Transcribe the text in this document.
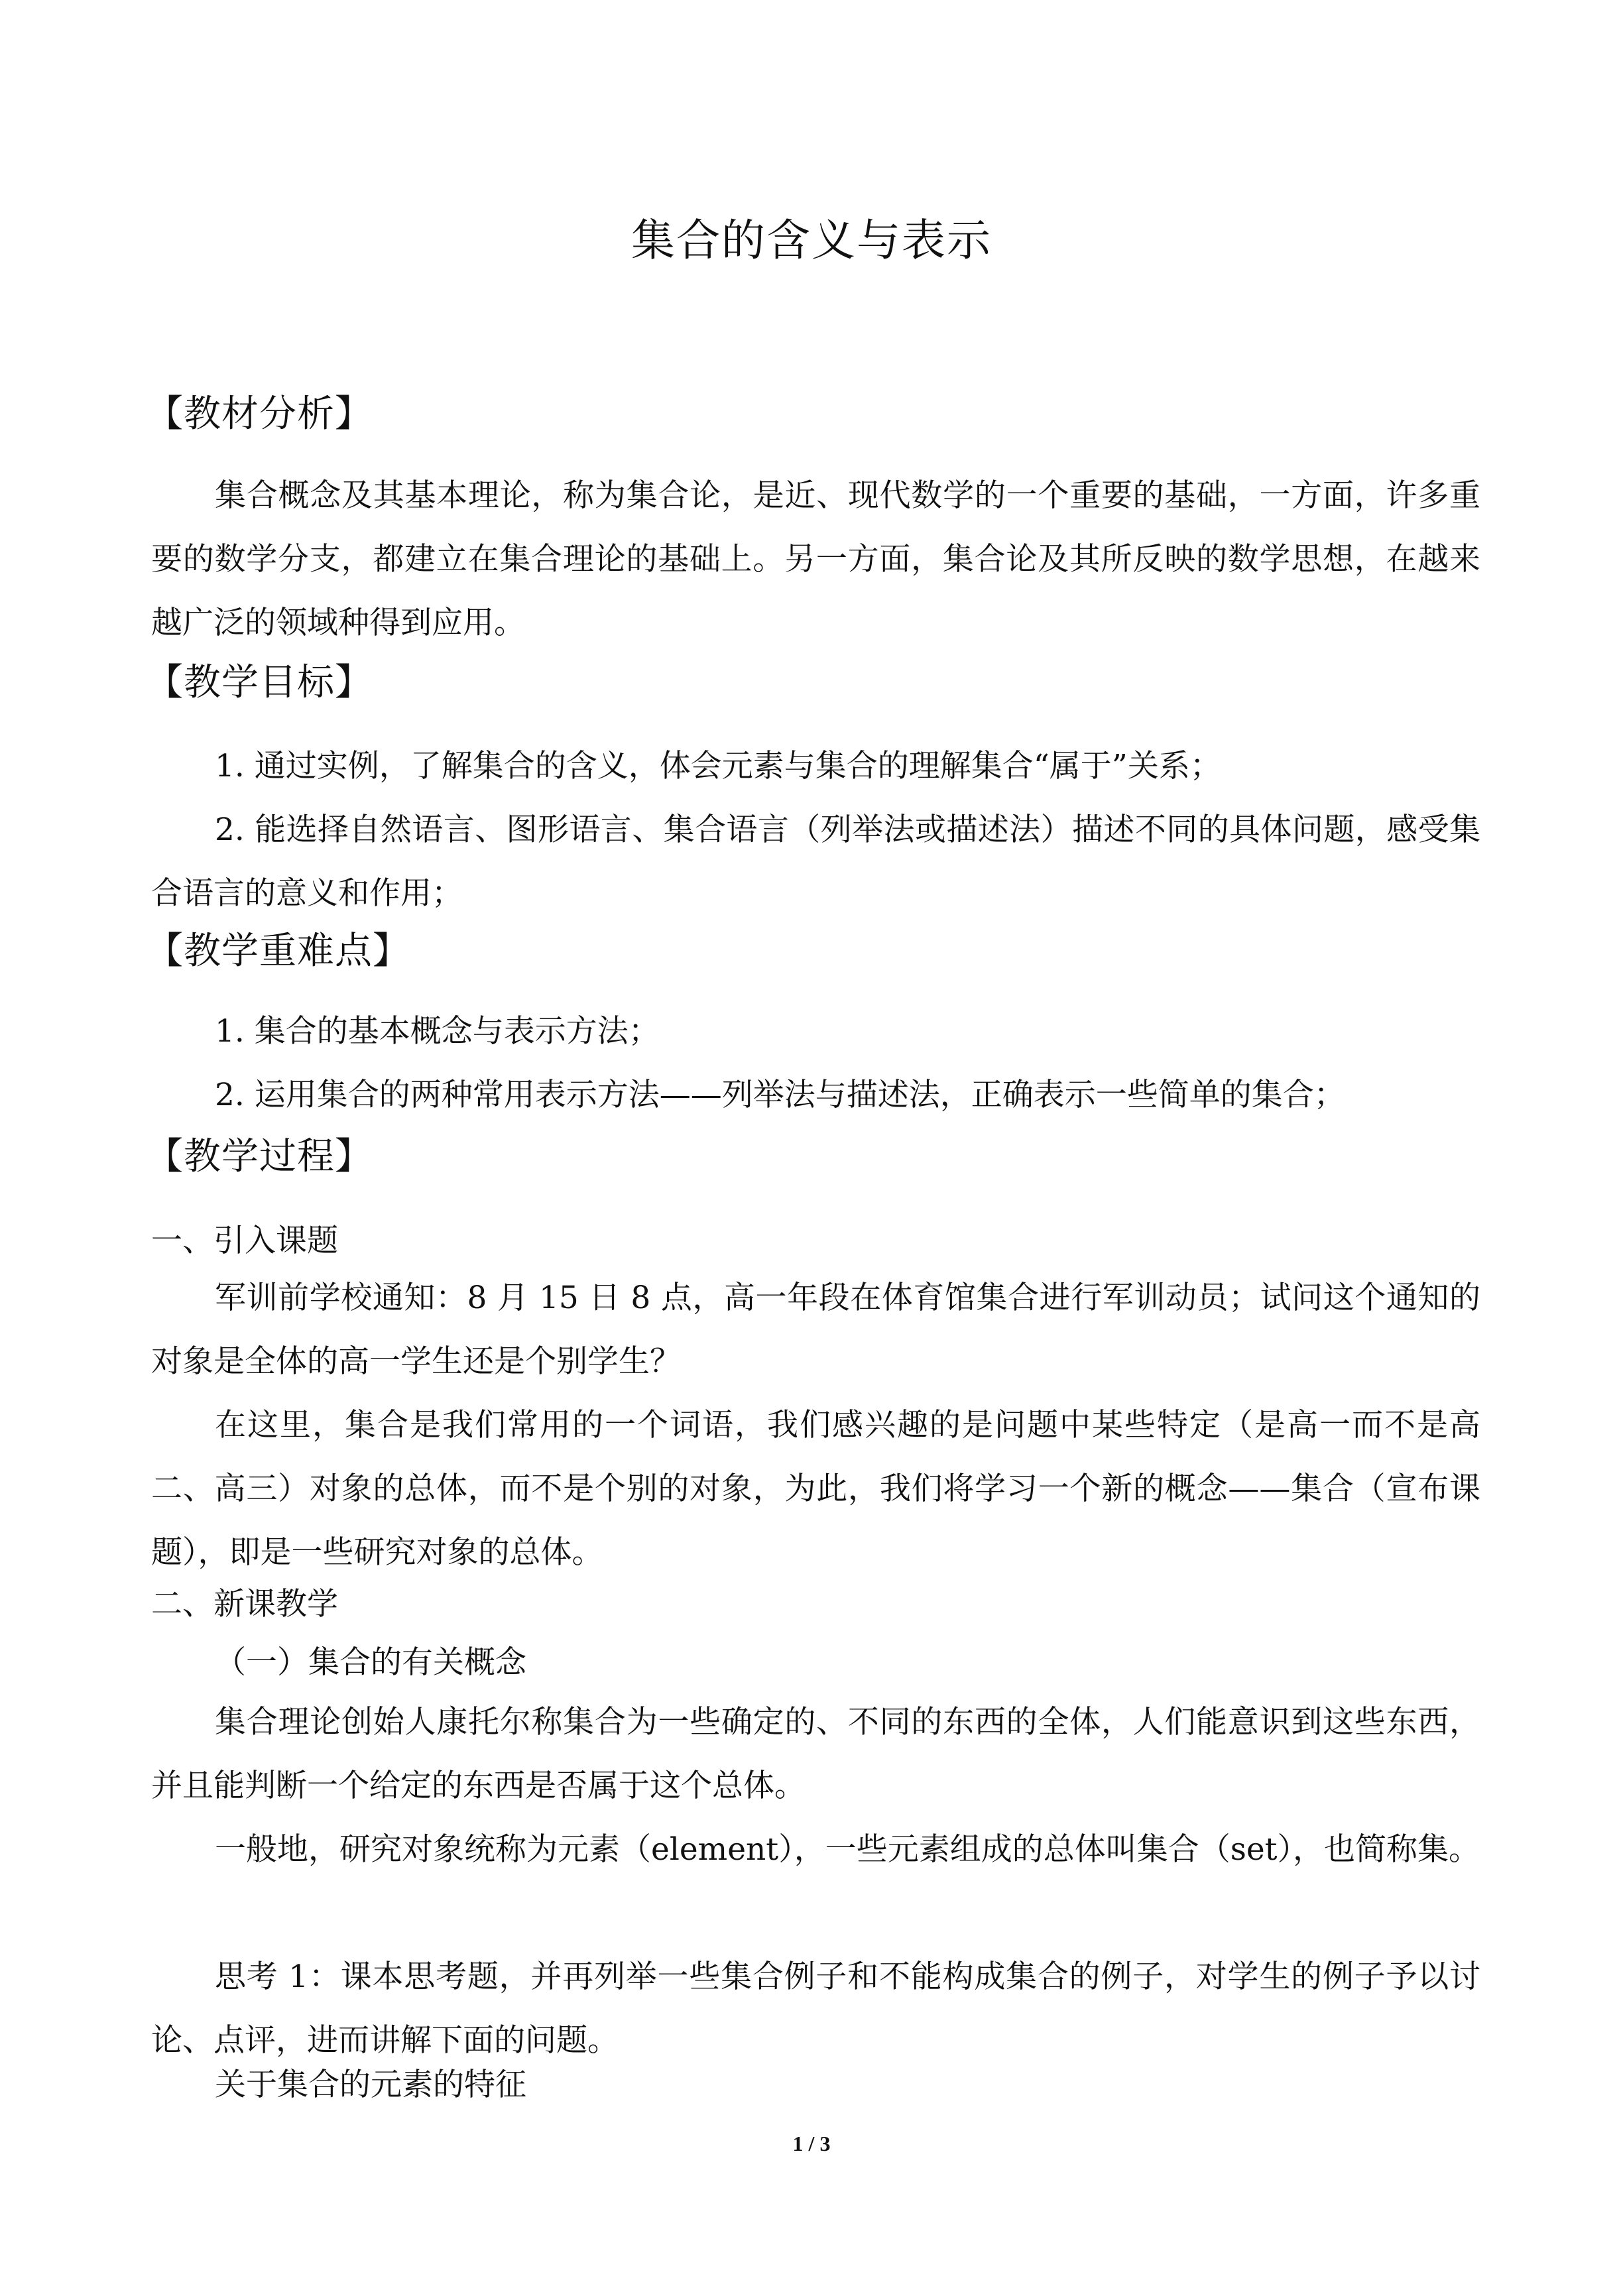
集合的含义与表示
【教材分析】
集合概念及其基本理论，称为集合论，是近、现代数学的一个重要的基础，一方面，许多重要的数学分支，都建立在集合理论的基础上。另一方面，集合论及其所反映的数学思想，在越来越广泛的领域种得到应用。
【教学目标】
1. 通过实例，了解集合的含义，体会元素与集合的理解集合“属于”关系；
2. 能选择自然语言、图形语言、集合语言（列举法或描述法）描述不同的具体问题，感受集合语言的意义和作用；
【教学重难点】
1. 集合的基本概念与表示方法；
2. 运用集合的两种常用表示方法——列举法与描述法，正确表示一些简单的集合；
【教学过程】
一、引入课题
军训前学校通知：8 月 15 日 8 点，高一年段在体育馆集合进行军训动员；试问这个通知的对象是全体的高一学生还是个别学生？
在这里，集合是我们常用的一个词语，我们感兴趣的是问题中某些特定（是高一而不是高二、高三）对象的总体，而不是个别的对象，为此，我们将学习一个新的概念——集合（宣布课题），即是一些研究对象的总体。
二、新课教学
（一）集合的有关概念
集合理论创始人康托尔称集合为一些确定的、不同的东西的全体，人们能意识到这些东西，并且能判断一个给定的东西是否属于这个总体。
一般地，研究对象统称为元素（element），一些元素组成的总体叫集合（set），也简称集。
思考 1：课本思考题，并再列举一些集合例子和不能构成集合的例子，对学生的例子予以讨论、点评，进而讲解下面的问题。
关于集合的元素的特征
1 / 3
